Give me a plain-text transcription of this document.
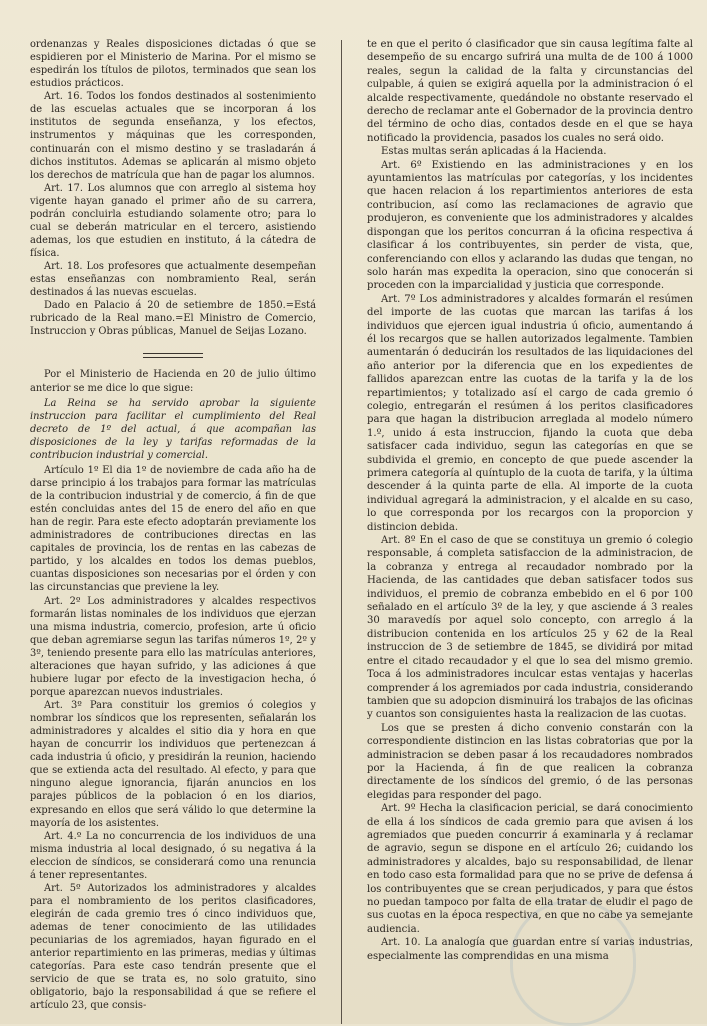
ordenanzas y Reales disposiciones dictadas ó que se espidieren por el Ministerio de Marina. Por el mismo se espedirán los títulos de pilotos, terminados que sean los estudios prácticos.

Art. 16. Todos los fondos destinados al sostenimiento de las escuelas actuales que se incorporan á los institutos de segunda enseñanza, y los efectos, instrumentos y máquinas que les corresponden, continuarán con el mismo destino y se trasladarán á dichos institutos. Ademas se aplicarán al mismo objeto los derechos de matrícula que han de pagar los alumnos.

Art. 17. Los alumnos que con arreglo al sistema hoy vigente hayan ganado el primer año de su carrera, podrán concluirla estudiando solamente otro; para lo cual se deberán matricular en el tercero, asistiendo ademas, los que estudien en instituto, á la cátedra de física.

Art. 18. Los profesores que actualmente desempeñan estas enseñanzas con nombramiento Real, serán destinados á las nuevas escuelas.

Dado en Palacio á 20 de setiembre de 1850.=Está rubricado de la Real mano.=El Ministro de Comercio, Instruccion y Obras públicas, Manuel de Seijas Lozano.

Por el Ministerio de Hacienda en 20 de julio último anterior se me dice lo que sigue:

La Reina se ha servido aprobar la siguiente instruccion para facilitar el cumplimiento del Real decreto de 1º del actual, á que acompañan las disposiciones de la ley y tarifas reformadas de la contribucion industrial y comercial.

Artículo 1º El dia 1º de noviembre de cada año ha de darse principio á los trabajos para formar las matrículas de la contribucion industrial y de comercio, á fin de que estén concluidas antes del 15 de enero del año en que han de regir. Para este efecto adoptarán previamente los administradores de contribuciones directas en las capitales de provincia, los de rentas en las cabezas de partido, y los alcaldes en todos los demas pueblos, cuantas disposiciones son necesarias por el órden y con las circunstancias que previene la ley.

Art. 2º Los administradores y alcaldes respectivos formarán listas nominales de los individuos que ejerzan una misma industria, comercio, profesion, arte ú oficio que deban agremiarse segun las tarifas números 1º, 2º y 3º, teniendo presente para ello las matrículas anteriores, alteraciones que hayan sufrido, y las adiciones á que hubiere lugar por efecto de la investigacion hecha, ó porque aparezcan nuevos industriales.

Art. 3º Para constituir los gremios ó colegios y nombrar los síndicos que los representen, señalarán los administradores y alcaldes el sitio dia y hora en que hayan de concurrir los individuos que pertenezcan á cada industria ú oficio, y presidirán la reunion, haciendo que se extienda acta del resultado. Al efecto, y para que ninguno alegue ignorancia, fijarán anuncios en los parajes públicos de la poblacion ó en los diarios, expresando en ellos que será válido lo que determine la mayoría de los asistentes.

Art. 4.º La no concurrencia de los individuos de una misma industria al local designado, ó su negativa á la eleccion de síndicos, se considerará como una renuncia á tener representantes.

Art. 5º Autorizados los administradores y alcaldes para el nombramiento de los peritos clasificadores, elegirán de cada gremio tres ó cinco individuos que, ademas de tener conocimiento de las utilidades pecuniarias de los agremiados, hayan figurado en el anterior repartimiento en las primeras, medias y últimas categorías. Para este caso tendrán presente que el servicio de que se trata es, no solo gratuito, sino obligatorio, bajo la responsabilidad á que se refiere el artículo 23, que consis-

te en que el perito ó clasificador que sin causa legítima falte al desempeño de su encargo sufrirá una multa de de 100 á 1000 reales, segun la calidad de la falta y circunstancias del culpable, á quien se exigirá aquella por la administracion ó el alcalde respectivamente, quedándole no obstante reservado el derecho de reclamar ante el Gobernador de la provincia dentro del término de ocho dias, contados desde en el que se haya notificado la providencia, pasados los cuales no será oido.

Estas multas serán aplicadas á la Hacienda.

Art. 6º Existiendo en las administraciones y en los ayuntamientos las matrículas por categorías, y los incidentes que hacen relacion á los repartimientos anteriores de esta contribucion, así como las reclamaciones de agravio que produjeron, es conveniente que los administradores y alcaldes dispongan que los peritos concurran á la oficina respectiva á clasificar á los contribuyentes, sin perder de vista, que, conferenciando con ellos y aclarando las dudas que tengan, no solo harán mas expedita la operacion, sino que conocerán si proceden con la imparcialidad y justicia que corresponde.

Art. 7º Los administradores y alcaldes formarán el resúmen del importe de las cuotas que marcan las tarifas á los individuos que ejercen igual industria ú oficio, aumentando á él los recargos que se hallen autorizados legalmente. Tambien aumentarán ó deducirán los resultados de las liquidaciones del año anterior por la diferencia que en los expedientes de fallidos aparezcan entre las cuotas de la tarifa y la de los repartimientos; y totalizado así el cargo de cada gremio ó colegio, entregarán el resúmen á los peritos clasificadores para que hagan la distribucion arreglada al modelo número 1.º, unido á esta instruccion, fijando la cuota que deba satisfacer cada individuo, segun las categorías en que se subdivida el gremio, en concepto de que puede ascender la primera categoría al quíntuplo de la cuota de tarifa, y la última descender á la quinta parte de ella. Al importe de la cuota individual agregará la administracion, y el alcalde en su caso, lo que corresponda por los recargos con la proporcion y distincion debida.

Art. 8º En el caso de que se constituya un gremio ó colegio responsable, á completa satisfaccion de la administracion, de la cobranza y entrega al recaudador nombrado por la Hacienda, de las cantidades que deban satisfacer todos sus individuos, el premio de cobranza embebido en el 6 por 100 señalado en el artículo 3º de la ley, y que asciende á 3 reales 30 maravedís por aquel solo concepto, con arreglo á la distribucion contenida en los artículos 25 y 62 de la Real instruccion de 3 de setiembre de 1845, se dividirá por mitad entre el citado recaudador y el que lo sea del mismo gremio. Toca á los administradores inculcar estas ventajas y hacerlas comprender á los agremiados por cada industria, considerando tambien que su adopcion disminuirá los trabajos de las oficinas y cuantos son consiguientes hasta la realizacion de las cuotas.

Los que se presten á dicho convenio constarán con la correspondiente distincion en las listas cobratorias que por la administracion se deben pasar á los recaudadores nombrados por la Hacienda, á fin de que realicen la cobranza directamente de los síndicos del gremio, ó de las personas elegidas para responder del pago.

Art. 9º Hecha la clasificacion pericial, se dará conocimiento de ella á los síndicos de cada gremio para que avisen á los agremiados que pueden concurrir á examinarla y á reclamar de agravio, segun se dispone en el artículo 26; cuidando los administradores y alcaldes, bajo su responsabilidad, de llenar en todo caso esta formalidad para que no se prive de defensa á los contribuyentes que se crean perjudicados, y para que éstos no puedan tampoco por falta de ella tratar de eludir el pago de sus cuotas en la época respectiva, en que no cabe ya semejante audiencia.

Art. 10. La analogía que guardan entre sí varias industrias, especialmente las comprendidas en una misma
